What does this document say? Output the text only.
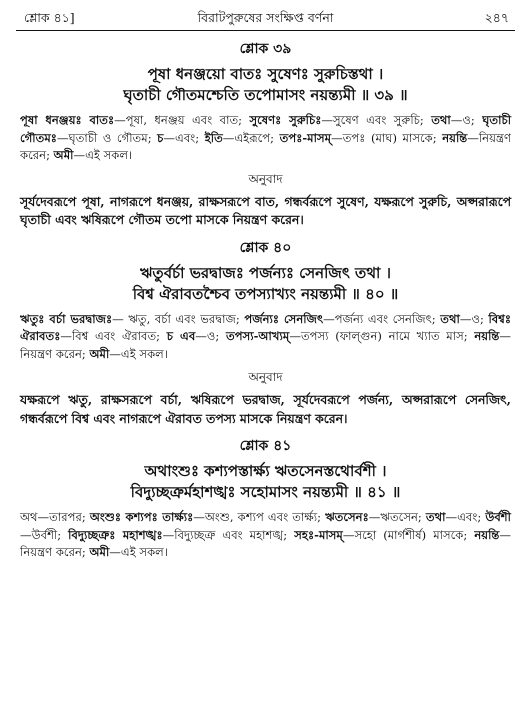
শ্লোক ৪১]	বিরাটপুরুষের সংক্ষিপ্ত বর্ণনা	২৪৭
শ্লোক ৩৯
পূষা ধনঞ্জয়ো বাতঃ সুষেণঃ সুরুচিস্তথা ।
ঘৃতাচী গৌতমশ্চেতি তপোমাসং নয়ন্ত্যমী ॥ ৩৯ ॥
পূষা ধনঞ্জয়ঃ বাতঃ—পূষা, ধনঞ্জয় এবং বাত; সুষেণঃ সুরুচিঃ—সুষেণ এবং সুরুচি; তথা—ও; ঘৃতাচী গৌতমঃ—ঘৃতাচী ও গৌতম; চ—এবং; ইতি—এইরূপে; তপঃ-মাসম্—তপঃ (মাঘ) মাসকে; নয়ন্তি—নিয়ন্ত্রণ করেন; অমী—এই সকল।
অনুবাদ
সূর্যদেবরূপে পূষা, নাগরূপে ধনঞ্জয়, রাক্ষসরূপে বাত, গন্ধর্বরূপে সুষেণ, যক্ষরূপে সুরুচি, অপ্সরারূপে ঘৃতাচী এবং ঋষিরূপে গৌতম তপো মাসকে নিয়ন্ত্রণ করেন।
শ্লোক ৪০
ঋতুর্বর্চা ভরদ্বাজঃ পর্জন্যঃ সেনজিৎ তথা ।
বিশ্ব ঐরাবতশ্চৈব তপস্যাখ্যং নয়ন্ত্যমী ॥ ৪০ ॥
ঋতুঃ বর্চা ভরদ্বাজঃ— ঋতু, বর্চা এবং ভরদ্বাজ; পর্জন্যঃ সেনজিৎ—পর্জন্য এবং সেনজিৎ; তথা—ও; বিশ্বঃ ঐরাবতঃ—বিশ্ব এবং ঐরাবত; চ এব—ও; তপস্য-আখ্যম্—তপস্য (ফাল্গুন) নামে খ্যাত মাস; নয়ন্তি—নিয়ন্ত্রণ করেন; অমী—এই সকল।
অনুবাদ
যক্ষরূপে ঋতু, রাক্ষসরূপে বর্চা, ঋষিরূপে ভরদ্বাজ, সূর্যদেবরূপে পর্জন্য, অপ্সরারূপে সেনজিৎ, গন্ধর্বরূপে বিশ্ব এবং নাগরূপে ঐরাবত তপস্য মাসকে নিয়ন্ত্রণ করেন।
শ্লোক ৪১
অথাংশুঃ কশ্যপস্তার্ক্ষ্য ঋতসেনস্তথোর্বশী ।
বিদ্যুচ্ছত্রুর্মহাশঙ্খঃ সহোমাসং নয়ন্ত্যমী ॥ ৪১ ॥
অথ—তারপর; অংশুঃ কশ্যপঃ তার্ক্ষ্যঃ—অংশু, কশ্যপ এবং তার্ক্ষ্য; ঋতসেনঃ—ঋতসেন; তথা—এবং; উর্বশী—উর্বশী; বিদ্যুচ্ছত্রুঃ মহাশঙ্খঃ—বিদ্যুচ্ছত্রু এবং মহাশঙ্খ; সহঃ-মাসম্—সহো (মার্গশীর্ষ) মাসকে; নয়ন্তি—নিয়ন্ত্রণ করেন; অমী—এই সকল।
